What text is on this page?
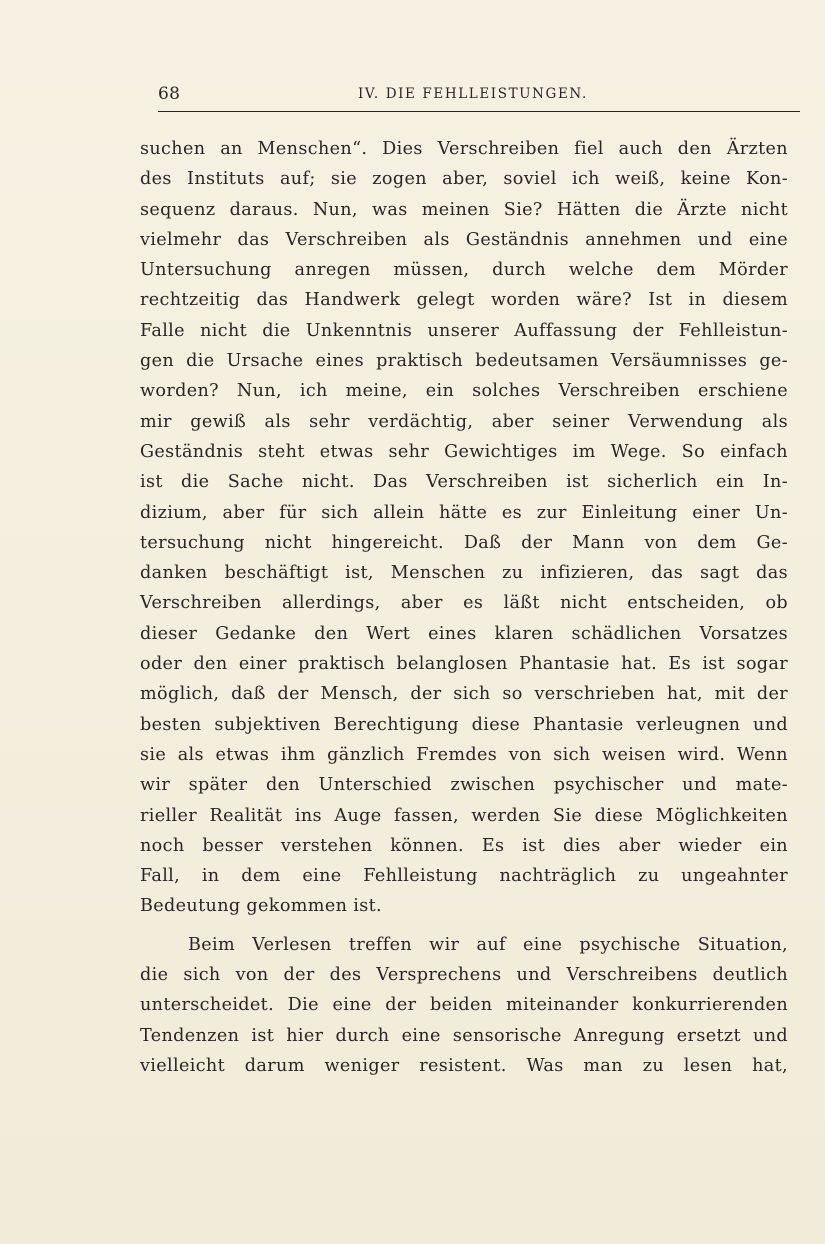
68	IV. DIE FEHLLEISTUNGEN.
suchen an Menschen“. Dies Verschreiben fiel auch den Ärzten
des Instituts auf; sie zogen aber, soviel ich weiß, keine Kon-
sequenz daraus. Nun, was meinen Sie? Hätten die Ärzte nicht
vielmehr das Verschreiben als Geständnis annehmen und eine
Untersuchung anregen müssen, durch welche dem Mörder
rechtzeitig das Handwerk gelegt worden wäre? Ist in diesem
Falle nicht die Unkenntnis unserer Auffassung der Fehlleistun-
gen die Ursache eines praktisch bedeutsamen Versäumnisses ge-
worden? Nun, ich meine, ein solches Verschreiben erschiene
mir gewiß als sehr verdächtig, aber seiner Verwendung als
Geständnis steht etwas sehr Gewichtiges im Wege. So einfach
ist die Sache nicht. Das Verschreiben ist sicherlich ein In-
dizium, aber für sich allein hätte es zur Einleitung einer Un-
tersuchung nicht hingereicht. Daß der Mann von dem Ge-
danken beschäftigt ist, Menschen zu infizieren, das sagt das
Verschreiben allerdings, aber es läßt nicht entscheiden, ob
dieser Gedanke den Wert eines klaren schädlichen Vorsatzes
oder den einer praktisch belanglosen Phantasie hat. Es ist sogar
möglich, daß der Mensch, der sich so verschrieben hat, mit der
besten subjektiven Berechtigung diese Phantasie verleugnen und
sie als etwas ihm gänzlich Fremdes von sich weisen wird. Wenn
wir später den Unterschied zwischen psychischer und mate-
rieller Realität ins Auge fassen, werden Sie diese Möglichkeiten
noch besser verstehen können. Es ist dies aber wieder ein
Fall, in dem eine Fehlleistung nachträglich zu ungeahnter
Bedeutung gekommen ist.
Beim Verlesen treffen wir auf eine psychische Situation,
die sich von der des Versprechens und Verschreibens deutlich
unterscheidet. Die eine der beiden miteinander konkurrierenden
Tendenzen ist hier durch eine sensorische Anregung ersetzt und
vielleicht darum weniger resistent. Was man zu lesen hat,
